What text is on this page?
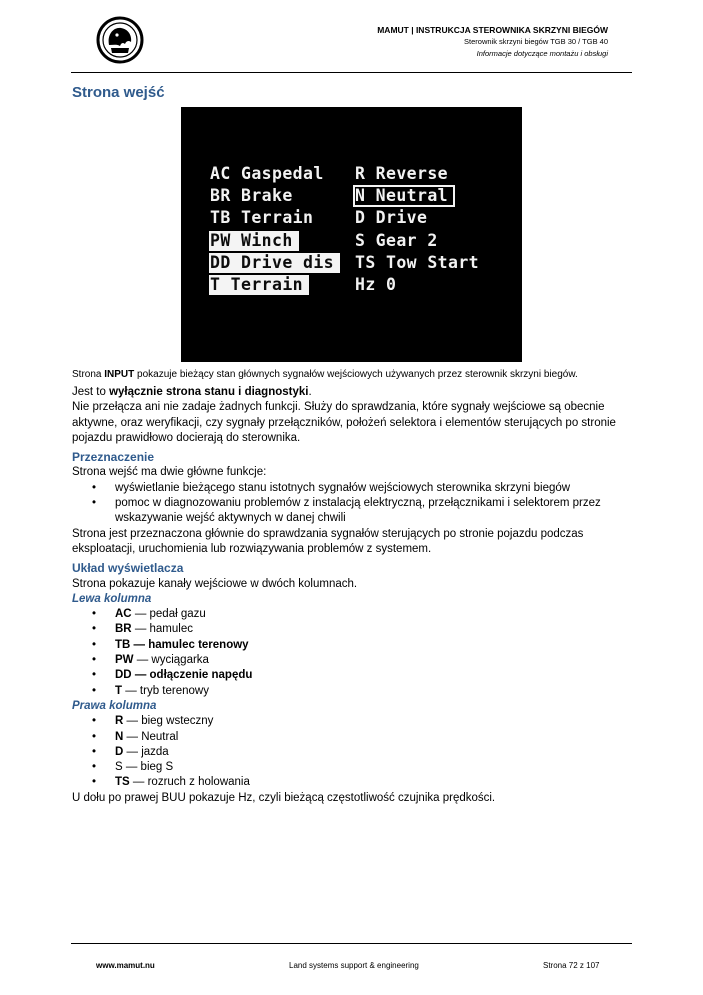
MAMUT | INSTRUKCJA STEROWNIKA SKRZYNI BIEGÓW
Sterownik skrzyni biegów TGB 30 / TGB 40
Informacje dotyczące montażu i obsługi
Strona wejść
AC Gaspedal
BR Brake
TB Terrain
PW Winch
DD Drive dis
T Terrain
R Reverse
N Neutral
D Drive
S Gear 2
TS Tow Start
Hz 0
Strona INPUT pokazuje bieżący stan głównych sygnałów wejściowych używanych przez sterownik skrzyni biegów.

Jest to wyłącznie strona stanu i diagnostyki.

Nie przełącza ani nie zadaje żadnych funkcji. Służy do sprawdzania, które sygnały wejściowe są obecnie aktywne, oraz weryfikacji, czy sygnały przełączników, położeń selektora i elementów sterujących po stronie pojazdu prawidłowo docierają do sterownika.

Przeznaczenie

Strona wejść ma dwie główne funkcje:

• wyświetlanie bieżącego stanu istotnych sygnałów wejściowych sterownika skrzyni biegów
• pomoc w diagnozowaniu problemów z instalacją elektryczną, przełącznikami i selektorem przez wskazywanie wejść aktywnych w danej chwili

Strona jest przeznaczona głównie do sprawdzania sygnałów sterujących po stronie pojazdu podczas eksploatacji, uruchomienia lub rozwiązywania problemów z systemem.

Układ wyświetlacza

Strona pokazuje kanały wejściowe w dwóch kolumnach.

Lewa kolumna

• AC — pedał gazu
• BR — hamulec
• TB — hamulec terenowy
• PW — wyciągarka
• DD — odłączenie napędu
• T — tryb terenowy

Prawa kolumna

• R — bieg wsteczny
• N — Neutral
• D — jazda
• S — bieg S
• TS — rozruch z holowania

U dołu po prawej BUU pokazuje Hz, czyli bieżącą częstotliwość czujnika prędkości.

www.mamut.nu	Land systems support & engineering	Strona 72 z 107
